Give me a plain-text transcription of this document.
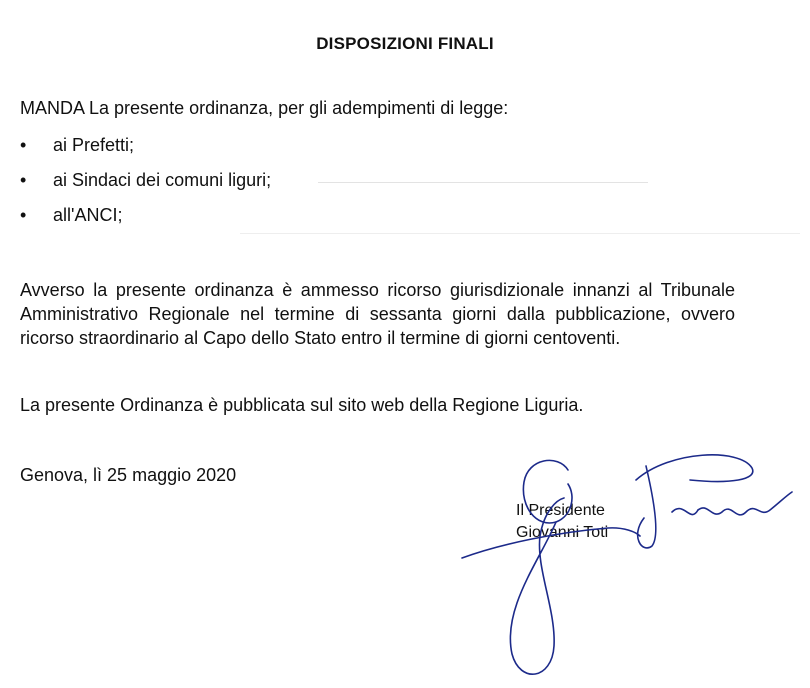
DISPOSIZIONI FINALI
MANDA La presente ordinanza, per gli adempimenti di legge:
• ai Prefetti;
• ai Sindaci dei comuni liguri;
• all'ANCI;
Avverso la presente ordinanza è ammesso ricorso giurisdizionale innanzi al Tribunale Amministrativo Regionale nel termine di sessanta giorni dalla pubblicazione, ovvero ricorso straordinario al Capo dello Stato entro il termine di giorni centoventi.
La presente Ordinanza è pubblicata sul sito web della Regione Liguria.
Genova, lì 25 maggio 2020
Il Presidente
Giovanni Toti
